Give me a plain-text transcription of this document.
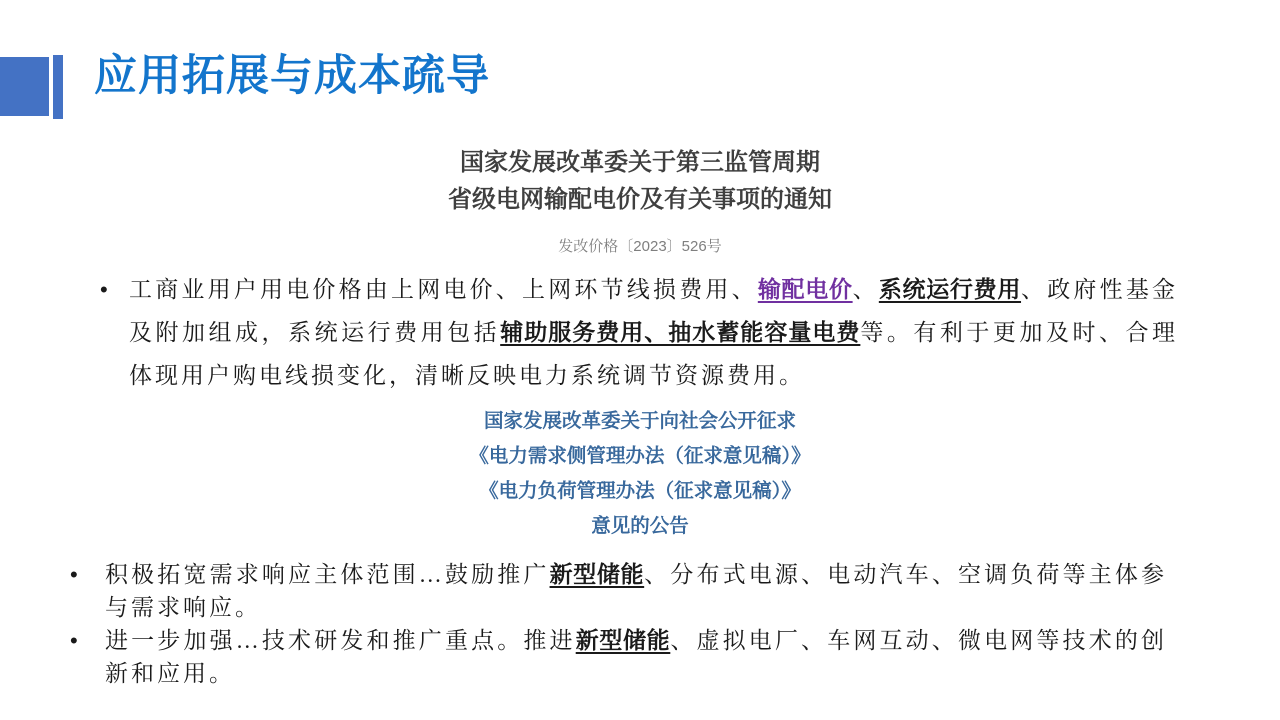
应用拓展与成本疏导
国家发展改革委关于第三监管周期
省级电网输配电价及有关事项的通知
发改价格〔2023〕526号
• 工商业用户用电价格由上网电价、上网环节线损费用、输配电价、系统运行费用、政府性基金及附加组成，系统运行费用包括辅助服务费用、抽水蓄能容量电费等。有利于更加及时、合理体现用户购电线损变化，清晰反映电力系统调节资源费用。

国家发展改革委关于向社会公开征求
《电力需求侧管理办法（征求意见稿）》
《电力负荷管理办法（征求意见稿）》
意见的公告
•	积极拓宽需求响应主体范围…鼓励推广新型储能、分布式电源、电动汽车、空调负荷等主体参与需求响应。

•	进一步加强…技术研发和推广重点。推进新型储能、虚拟电厂、车网互动、微电网等技术的创新和应用。
